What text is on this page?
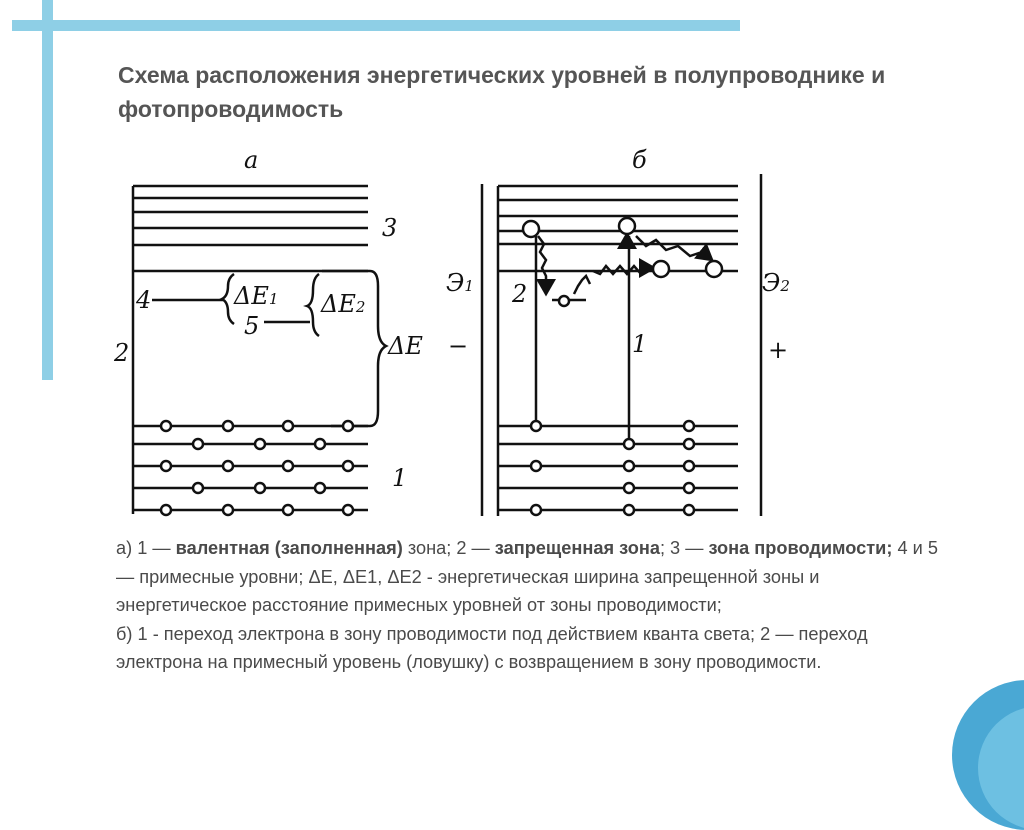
Схема расположения энергетических уровней в полупроводнике и фотопроводимость
а	б
3
2
1
4
5
ΔE1 ΔE2
ΔE
Э1
−
Э2
+
2
1

а) 1 — валентная (заполненная) зона; 2 — запрещенная зона; 3 — зона проводимости; 4 и 5 — примесные уровни; ΔE, ΔE1, ΔE2 - энергетическая ширина запрещенной зоны и энергетическое расстояние примесных уровней от зоны проводимости;
б) 1 - переход электрона в зону проводимости под действием кванта света; 2 — переход электрона на примесный уровень (ловушку) с возвращением в зону проводимости.
